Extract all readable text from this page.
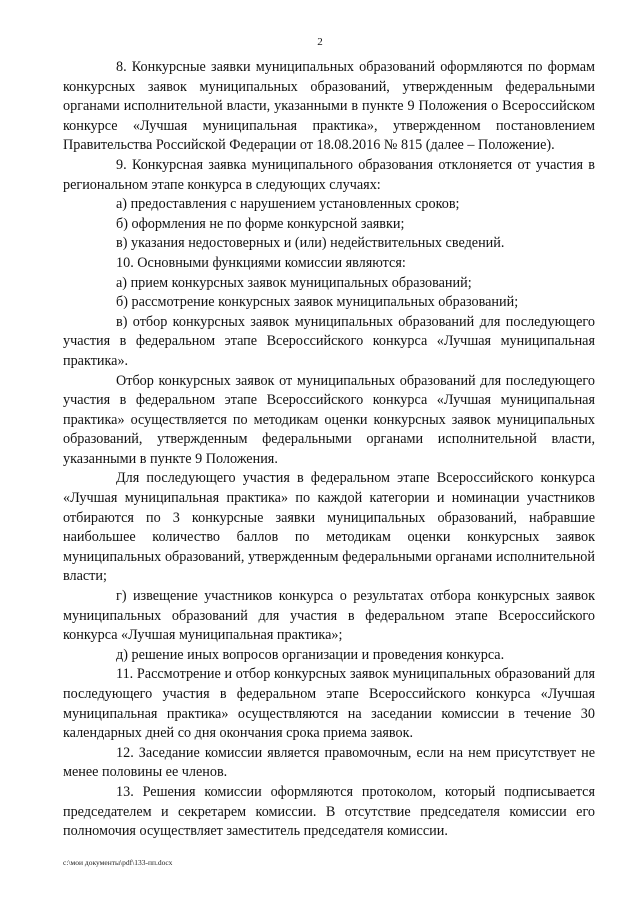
2

8. Конкурсные заявки муниципальных образований оформляются по формам конкурсных заявок муниципальных образований, утвержденным федеральными органами исполнительной власти, указанными в пункте 9 Положения о Всероссийском конкурсе «Лучшая муниципальная практика», утвержденном постановлением Правительства Российской Федерации от 18.08.2016 № 815 (далее – Положение).

9. Конкурсная заявка муниципального образования отклоняется от участия в региональном этапе конкурса в следующих случаях:

а) предоставления с нарушением установленных сроков;

б) оформления не по форме конкурсной заявки;

в) указания недостоверных и (или) недействительных сведений.

10. Основными функциями комиссии являются:

а) прием конкурсных заявок муниципальных образований;

б) рассмотрение конкурсных заявок муниципальных образований;

в) отбор конкурсных заявок муниципальных образований для последующего участия в федеральном этапе Всероссийского конкурса «Лучшая муниципальная практика».

Отбор конкурсных заявок от муниципальных образований для последующего участия в федеральном этапе Всероссийского конкурса «Лучшая муниципальная практика» осуществляется по методикам оценки конкурсных заявок муниципальных образований, утвержденным федеральными органами исполнительной власти, указанными в пункте 9 Положения.

Для последующего участия в федеральном этапе Всероссийского конкурса «Лучшая муниципальная практика» по каждой категории и номинации участников отбираются по 3 конкурсные заявки муниципальных образований, набравшие наибольшее количество баллов по методикам оценки конкурсных заявок муниципальных образований, утвержденным федеральными органами исполнительной власти;

г) извещение участников конкурса о результатах отбора конкурсных заявок муниципальных образований для участия в федеральном этапе Всероссийского конкурса «Лучшая муниципальная практика»;

д) решение иных вопросов организации и проведения конкурса.

11. Рассмотрение и отбор конкурсных заявок муниципальных образований для последующего участия в федеральном этапе Всероссийского конкурса «Лучшая муниципальная практика» осуществляются на заседании комиссии в течение 30 календарных дней со дня окончания срока приема заявок.

12. Заседание комиссии является правомочным, если на нем присутствует не менее половины ее членов.

13. Решения комиссии оформляются протоколом, который подписывается председателем и секретарем комиссии. В отсутствие председателя комиссии его полномочия осуществляет заместитель председателя комиссии.

c:\мои документы\pdf\133-пп.docx
